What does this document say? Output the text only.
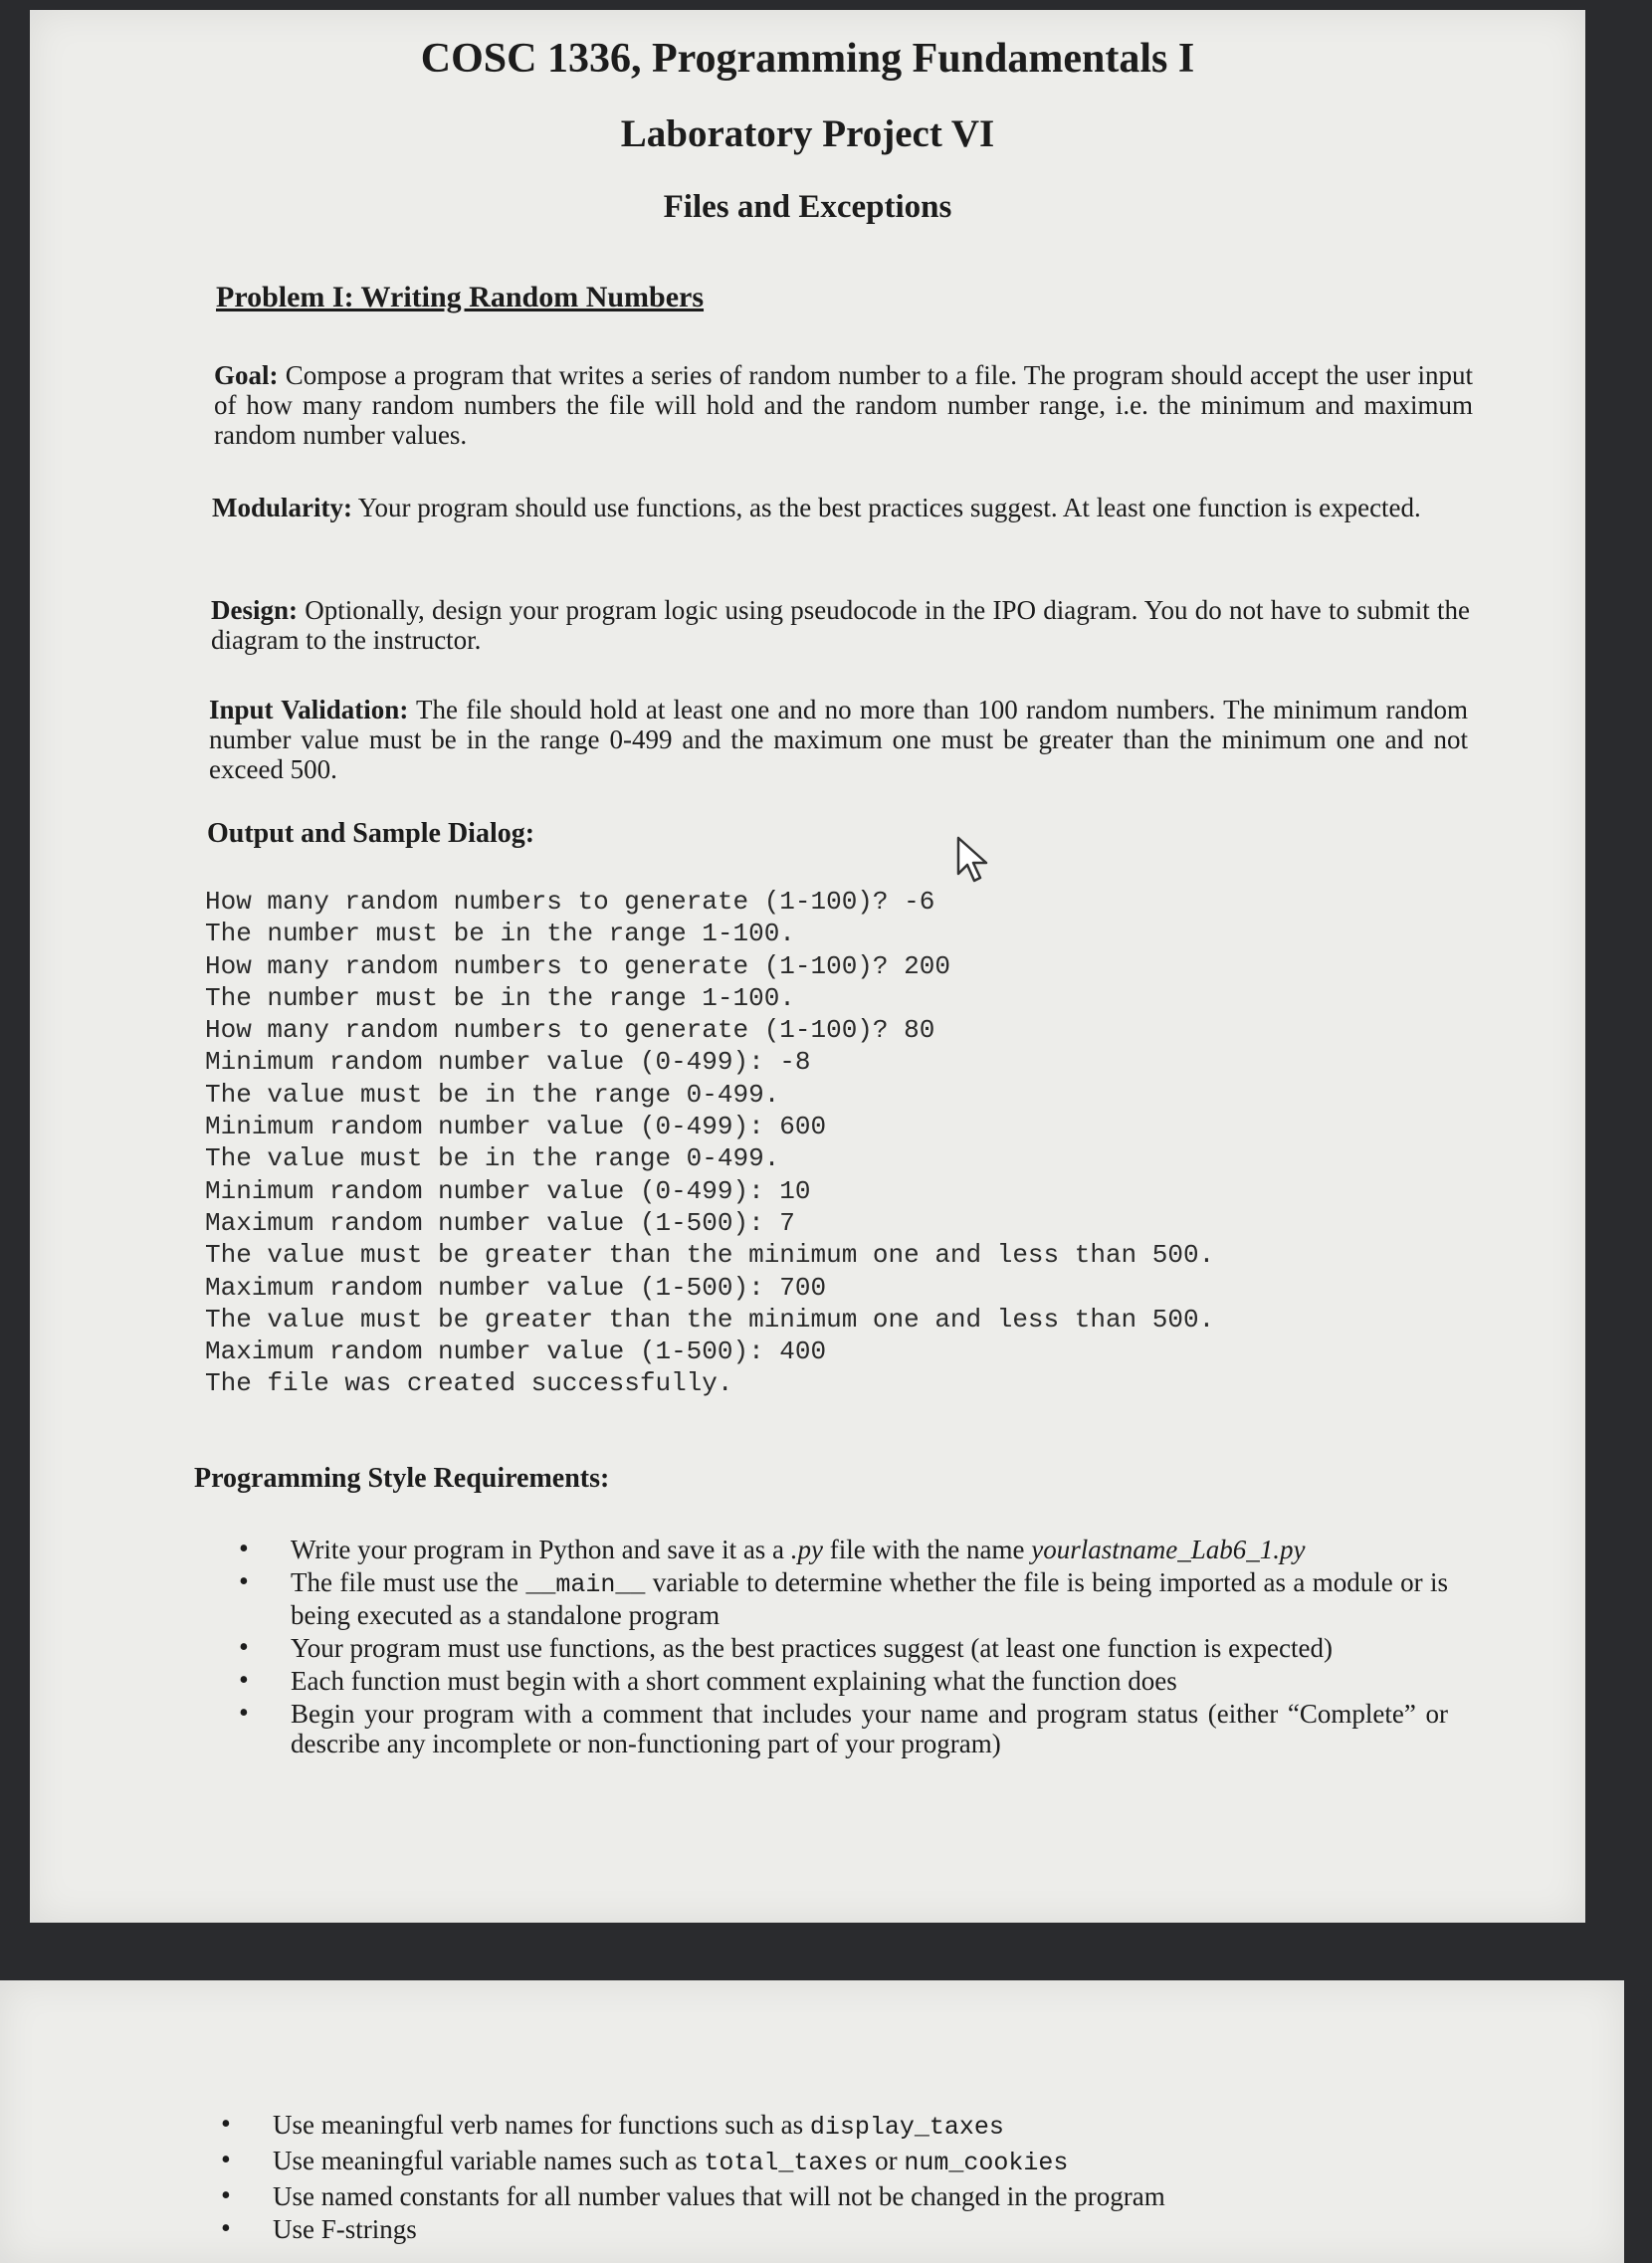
COSC 1336, Programming Fundamentals I
Laboratory Project VI
Files and Exceptions
Problem I: Writing Random Numbers
Goal: Compose a program that writes a series of random number to a file. The program should accept the user input of how many random numbers the file will hold and the random number range, i.e. the minimum and maximum random number values.
Modularity: Your program should use functions, as the best practices suggest. At least one function is expected.
Design: Optionally, design your program logic using pseudocode in the IPO diagram. You do not have to submit the diagram to the instructor.
Input Validation: The file should hold at least one and no more than 100 random numbers. The minimum random number value must be in the range 0-499 and the maximum one must be greater than the minimum one and not exceed 500.
Output and Sample Dialog:
How many random numbers to generate (1-100)? -6
The number must be in the range 1-100.
How many random numbers to generate (1-100)? 200
The number must be in the range 1-100.
How many random numbers to generate (1-100)? 80
Minimum random number value (0-499): -8
The value must be in the range 0-499.
Minimum random number value (0-499): 600
The value must be in the range 0-499.
Minimum random number value (0-499): 10
Maximum random number value (1-500): 7
The value must be greater than the minimum one and less than 500.
Maximum random number value (1-500): 700
The value must be greater than the minimum one and less than 500.
Maximum random number value (1-500): 400
The file was created successfully.
Programming Style Requirements:
• Write your program in Python and save it as a .py file with the name yourlastname_Lab6_1.py
• The file must use the __main__ variable to determine whether the file is being imported as a module or is being executed as a standalone program
• Your program must use functions, as the best practices suggest (at least one function is expected)
• Each function must begin with a short comment explaining what the function does
• Begin your program with a comment that includes your name and program status (either “Complete” or describe any incomplete or non-functioning part of your program)
• Use meaningful verb names for functions such as display_taxes
• Use meaningful variable names such as total_taxes or num_cookies
• Use named constants for all number values that will not be changed in the program
• Use F-strings
